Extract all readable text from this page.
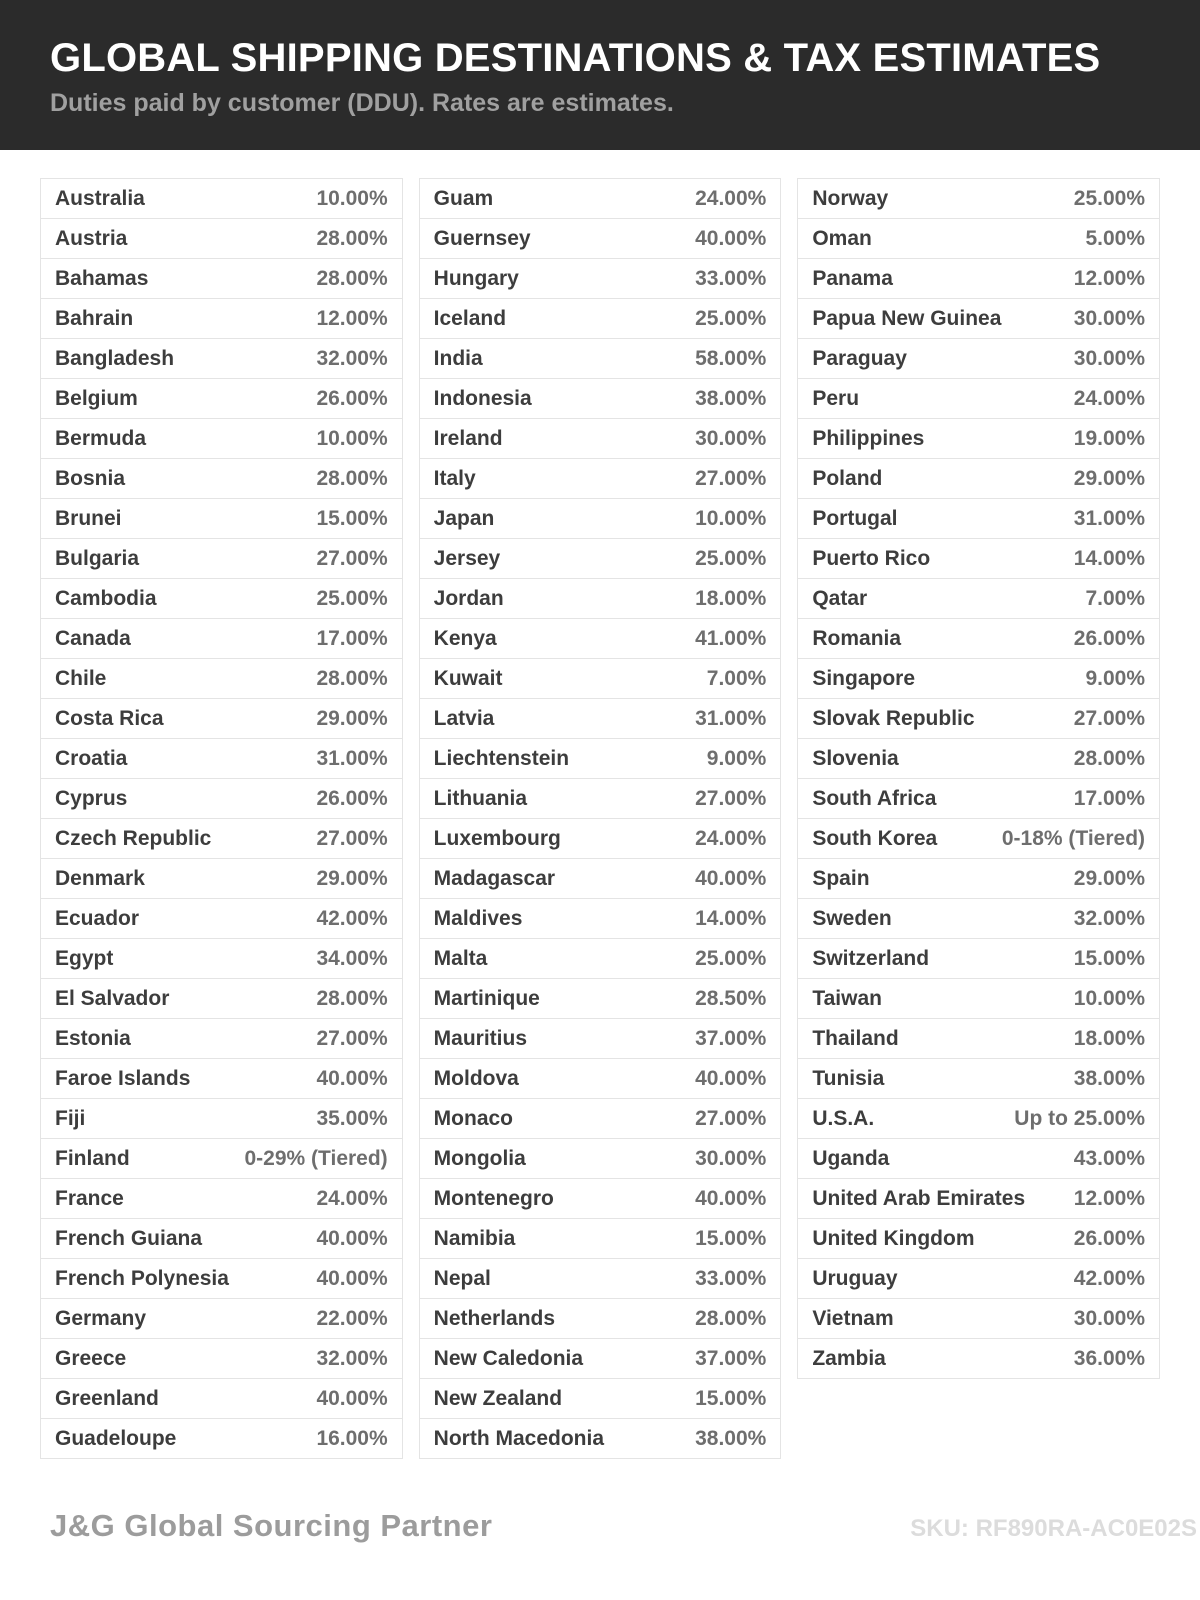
GLOBAL SHIPPING DESTINATIONS & TAX ESTIMATES
Duties paid by customer (DDU). Rates are estimates.
Australia	10.00%
Austria	28.00%
Bahamas	28.00%
Bahrain	12.00%
Bangladesh	32.00%
Belgium	26.00%
Bermuda	10.00%
Bosnia	28.00%
Brunei	15.00%
Bulgaria	27.00%
Cambodia	25.00%
Canada	17.00%
Chile	28.00%
Costa Rica	29.00%
Croatia	31.00%
Cyprus	26.00%
Czech Republic	27.00%
Denmark	29.00%
Ecuador	42.00%
Egypt	34.00%
El Salvador	28.00%
Estonia	27.00%
Faroe Islands	40.00%
Fiji	35.00%
Finland	0-29% (Tiered)
France	24.00%
French Guiana	40.00%
French Polynesia	40.00%
Germany	22.00%
Greece	32.00%
Greenland	40.00%
Guadeloupe	16.00%
Guam	24.00%
Guernsey	40.00%
Hungary	33.00%
Iceland	25.00%
India	58.00%
Indonesia	38.00%
Ireland	30.00%
Italy	27.00%
Japan	10.00%
Jersey	25.00%
Jordan	18.00%
Kenya	41.00%
Kuwait	7.00%
Latvia	31.00%
Liechtenstein	9.00%
Lithuania	27.00%
Luxembourg	24.00%
Madagascar	40.00%
Maldives	14.00%
Malta	25.00%
Martinique	28.50%
Mauritius	37.00%
Moldova	40.00%
Monaco	27.00%
Mongolia	30.00%
Montenegro	40.00%
Namibia	15.00%
Nepal	33.00%
Netherlands	28.00%
New Caledonia	37.00%
New Zealand	15.00%
North Macedonia	38.00%
Norway	25.00%
Oman	5.00%
Panama	12.00%
Papua New Guinea	30.00%
Paraguay	30.00%
Peru	24.00%
Philippines	19.00%
Poland	29.00%
Portugal	31.00%
Puerto Rico	14.00%
Qatar	7.00%
Romania	26.00%
Singapore	9.00%
Slovak Republic	27.00%
Slovenia	28.00%
South Africa	17.00%
South Korea	0-18% (Tiered)
Spain	29.00%
Sweden	32.00%
Switzerland	15.00%
Taiwan	10.00%
Thailand	18.00%
Tunisia	38.00%
U.S.A.	Up to 25.00%
Uganda	43.00%
United Arab Emirates 12.00%
United Kingdom	26.00%
Uruguay	42.00%
Vietnam	30.00%
Zambia	36.00%
J&G Global Sourcing Partner	SKU: RF890RA-AC0E02S
